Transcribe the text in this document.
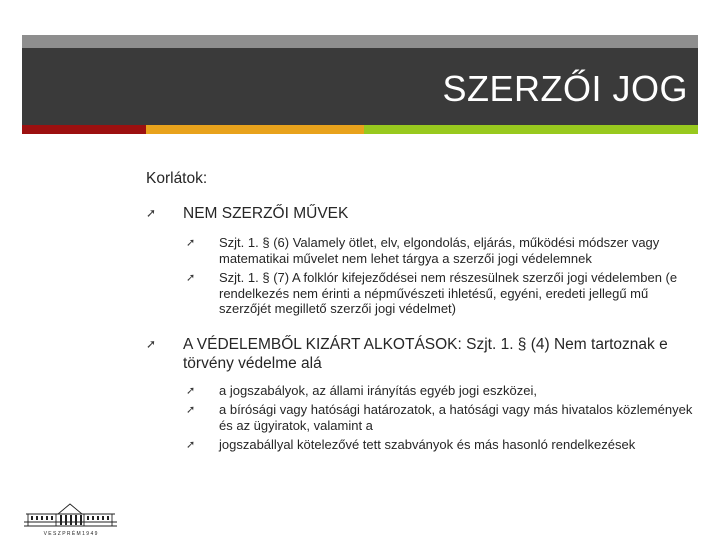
SZERZŐI JOG
Korlátok:
➚ NEM SZERZŐI MŰVEK
➚ Szjt. 1. § (6) Valamely ötlet, elv, elgondolás, eljárás, működési módszer vagy matematikai művelet nem lehet tárgya a szerzői jogi védelemnek
➚ Szjt. 1. § (7) A folklór kifejeződései nem részesülnek szerzői jogi védelemben (e rendelkezés nem érinti a népművészeti ihletésű, egyéni, eredeti jellegű mű szerzőjét megillető szerzői jogi védelmet)
➚ A VÉDELEMBŐL KIZÁRT ALKOTÁSOK: Szjt. 1. § (4) Nem tartoznak e törvény védelme alá
➚ a jogszabályok, az állami irányítás egyéb jogi eszközei,
➚ a bírósági vagy hatósági határozatok, a hatósági vagy más hivatalos közlemények és az ügyiratok, valamint a
➚ jogszabállyal kötelezővé tett szabványok és más hasonló rendelkezések
V E S Z P R É M 1 9 4 9
